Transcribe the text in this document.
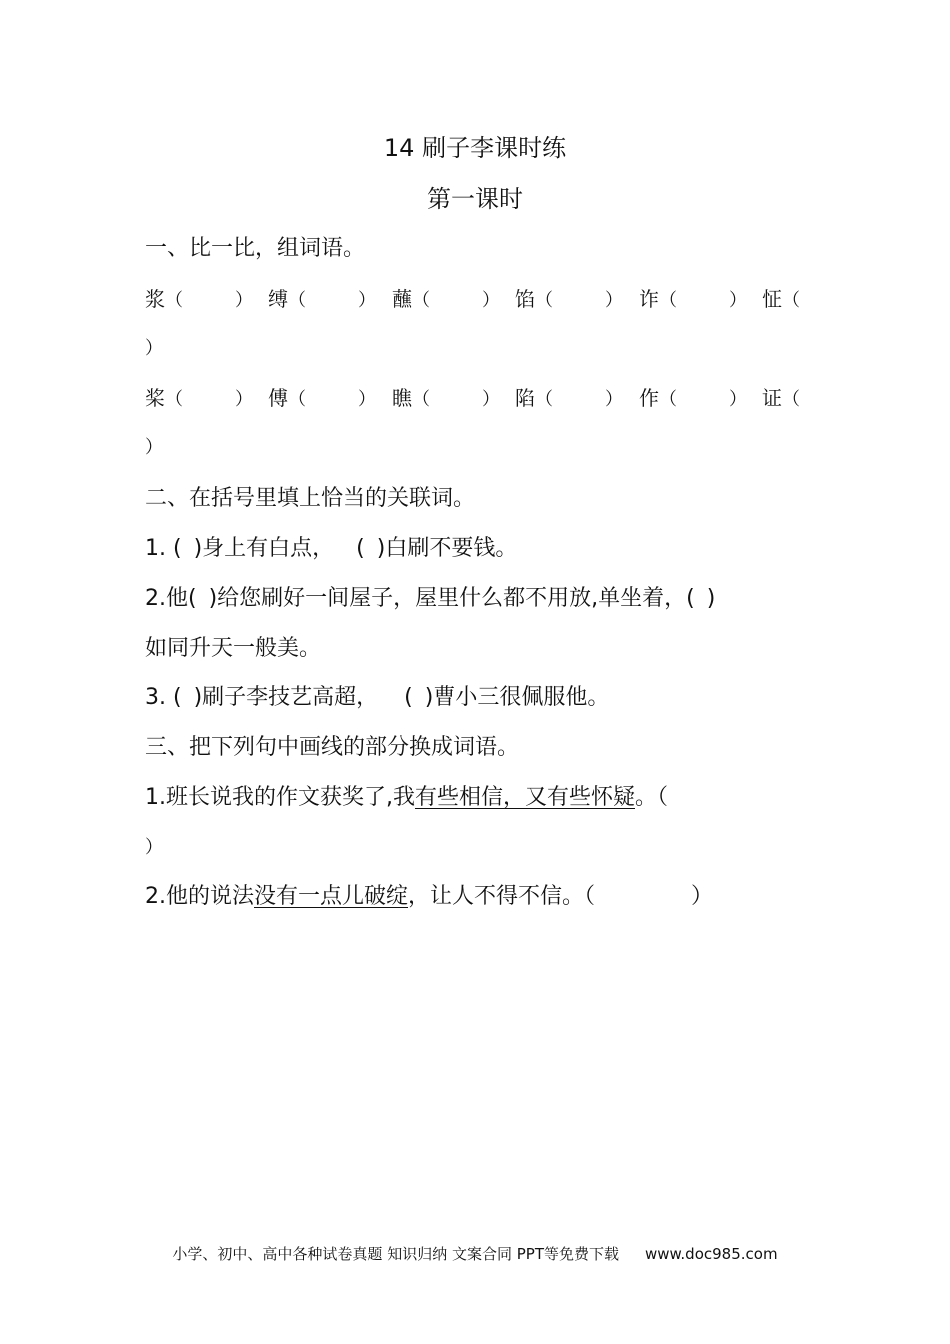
14 刷子李课时练
第一课时
一、比一比，组词语。
浆（	） 缚（	） 蘸（	） 馅（	） 诈（	） 怔（
）
桨（	） 傅（	） 瞧（	） 陷（	） 作（	） 证（
）
二、在括号里填上恰当的关联词。
1. ( )身上有白点， ( )白刷不要钱。
2.他( )给您刷好一间屋子，屋里什么都不用放,单坐着，( )
如同升天一般美。
3. ( )刷子李技艺高超， ( )曹小三很佩服他。
三、把下列句中画线的部分换成词语。
1.班长说我的作文获奖了,我有些相信，又有些怀疑。（
）
2.他的说法没有一点儿破绽，让人不得不信。（	）
小学、初中、高中各种试卷真题 知识归纳 文案合同 PPT等免费下载 www.doc985.com
